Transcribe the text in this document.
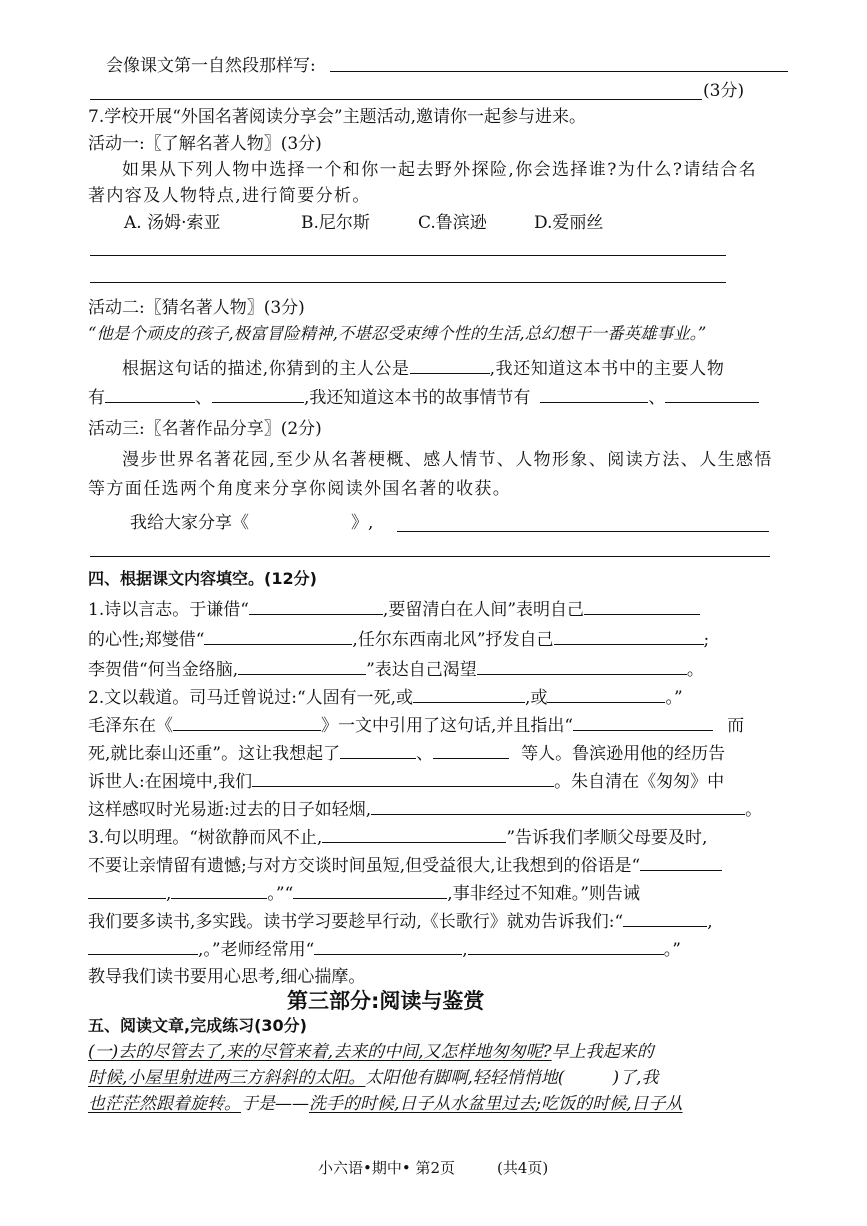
会像课文第一自然段那样写:
(3分)
7.学校开展“外国名著阅读分享会”主题活动,邀请你一起参与进来。
活动一:〖了解名著人物〗(3分)
如果从下列人物中选择一个和你一起去野外探险,你会选择谁?为什么?请结合名
著内容及人物特点,进行简要分析。
A. 汤姆·索亚	B.尼尔斯	C.鲁滨逊	D.爱丽丝
活动二:〖猜名著人物〗(3分)
“他是个顽皮的孩子,极富冒险精神,不堪忍受束缚个性的生活,总幻想干一番英雄事业。”
根据这句话的描述,你猜到的主人公是	,我还知道这本书中的主要人物
有	、	,我还知道这本书的故事情节有	、
活动三:〖名著作品分享〗(2分)
漫步世界名著花园,至少从名著梗概、感人情节、人物形象、阅读方法、人生感悟
等方面任选两个角度来分享你阅读外国名著的收获。
我给大家分享《	》,
四、根据课文内容填空。(12分)
1.诗以言志。于谦借“	,要留清白在人间”表明自己
的心性;郑燮借“	,任尔东西南北风”抒发自己	;
李贺借“何当金络脑,	”表达自己渴望	。
2.文以载道。司马迁曾说过:“人固有一死,或	,或	。”
毛泽东在《	》一文中引用了这句话,并且指出“	而
死,就比泰山还重”。这让我想起了	、	等人。鲁滨逊用他的经历告
诉世人:在困境中,我们	。朱自清在《匆匆》中
这样感叹时光易逝:过去的日子如轻烟,	。
3.句以明理。“树欲静而风不止,	”告诉我们孝顺父母要及时,
不要让亲情留有遗憾;与对方交谈时间虽短,但受益很大,让我想到的俗语是“
,	。”“	,事非经过不知难。”则告诫
我们要多读书,多实践。读书学习要趁早行动,《长歌行》就劝告诉我们:“	,
,。”老师经常用“	,	。”
教导我们读书要用心思考,细心揣摩。
第三部分:阅读与鉴赏
五、阅读文章,完成练习(30分)
(一)去的尽管去了,来的尽管来着,去来的中间,又怎样地匆匆呢?早上我起来的
时候,小屋里射进两三方斜斜的太阳。太阳他有脚啊,轻轻悄悄地(	)了,我
也茫茫然跟着旋转。于是——洗手的时候,日子从水盆里过去;吃饭的时候,日子从
小六语•期中• 第2页	(共4页)
